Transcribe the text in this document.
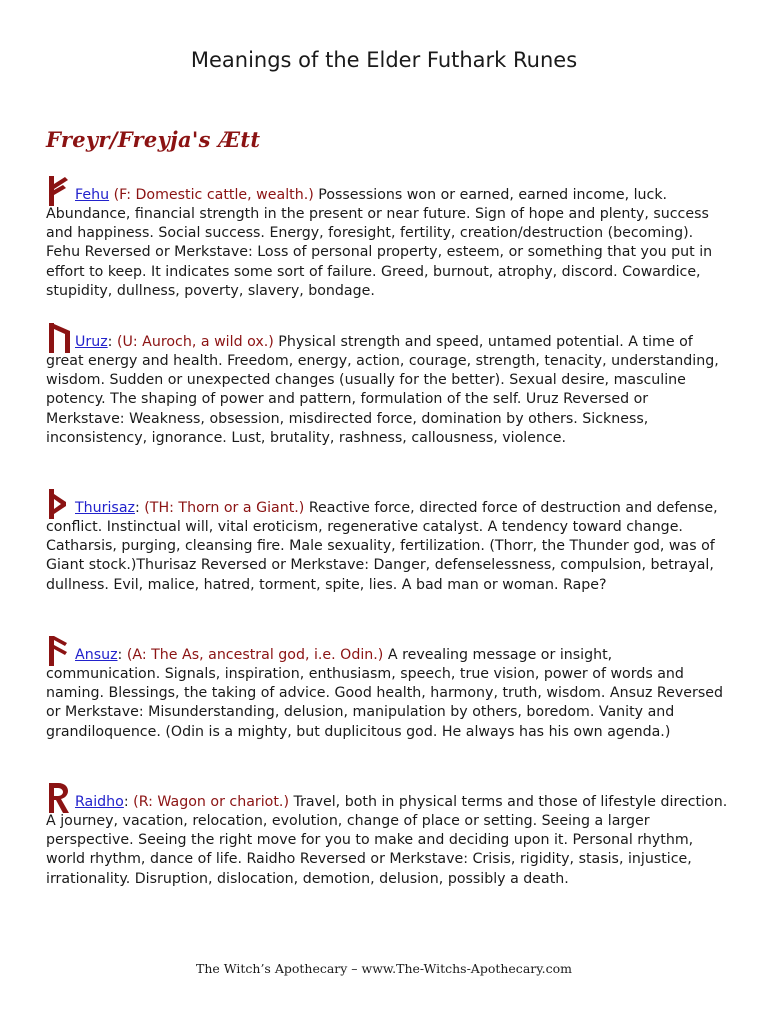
Meanings of the Elder Futhark Runes
Freyr/Freyja's Ætt
Fehu (F: Domestic cattle, wealth.) Possessions won or earned, earned income, luck. Abundance, financial strength in the present or near future. Sign of hope and plenty, success and happiness. Social success. Energy, foresight, fertility, creation/destruction (becoming). Fehu Reversed or Merkstave: Loss of personal property, esteem, or something that you put in effort to keep. It indicates some sort of failure. Greed, burnout, atrophy, discord. Cowardice, stupidity, dullness, poverty, slavery, bondage.
Uruz: (U: Auroch, a wild ox.) Physical strength and speed, untamed potential. A time of great energy and health. Freedom, energy, action, courage, strength, tenacity, understanding, wisdom. Sudden or unexpected changes (usually for the better). Sexual desire, masculine potency. The shaping of power and pattern, formulation of the self. Uruz Reversed or Merkstave: Weakness, obsession, misdirected force, domination by others. Sickness, inconsistency, ignorance. Lust, brutality, rashness, callousness, violence.
Thurisaz: (TH: Thorn or a Giant.) Reactive force, directed force of destruction and defense, conflict. Instinctual will, vital eroticism, regenerative catalyst. A tendency toward change. Catharsis, purging, cleansing fire. Male sexuality, fertilization. (Thorr, the Thunder god, was of Giant stock.)Thurisaz Reversed or Merkstave: Danger, defenselessness, compulsion, betrayal, dullness. Evil, malice, hatred, torment, spite, lies. A bad man or woman. Rape?
Ansuz: (A: The As, ancestral god, i.e. Odin.) A revealing message or insight, communication. Signals, inspiration, enthusiasm, speech, true vision, power of words and naming. Blessings, the taking of advice. Good health, harmony, truth, wisdom. Ansuz Reversed or Merkstave: Misunderstanding, delusion, manipulation by others, boredom. Vanity and grandiloquence. (Odin is a mighty, but duplicitous god. He always has his own agenda.)
Raidho: (R: Wagon or chariot.) Travel, both in physical terms and those of lifestyle direction. A journey, vacation, relocation, evolution, change of place or setting. Seeing a larger perspective. Seeing the right move for you to make and deciding upon it. Personal rhythm, world rhythm, dance of life. Raidho Reversed or Merkstave: Crisis, rigidity, stasis, injustice, irrationality. Disruption, dislocation, demotion, delusion, possibly a death.
The Witch’s Apothecary – www.The-Witchs-Apothecary.com
